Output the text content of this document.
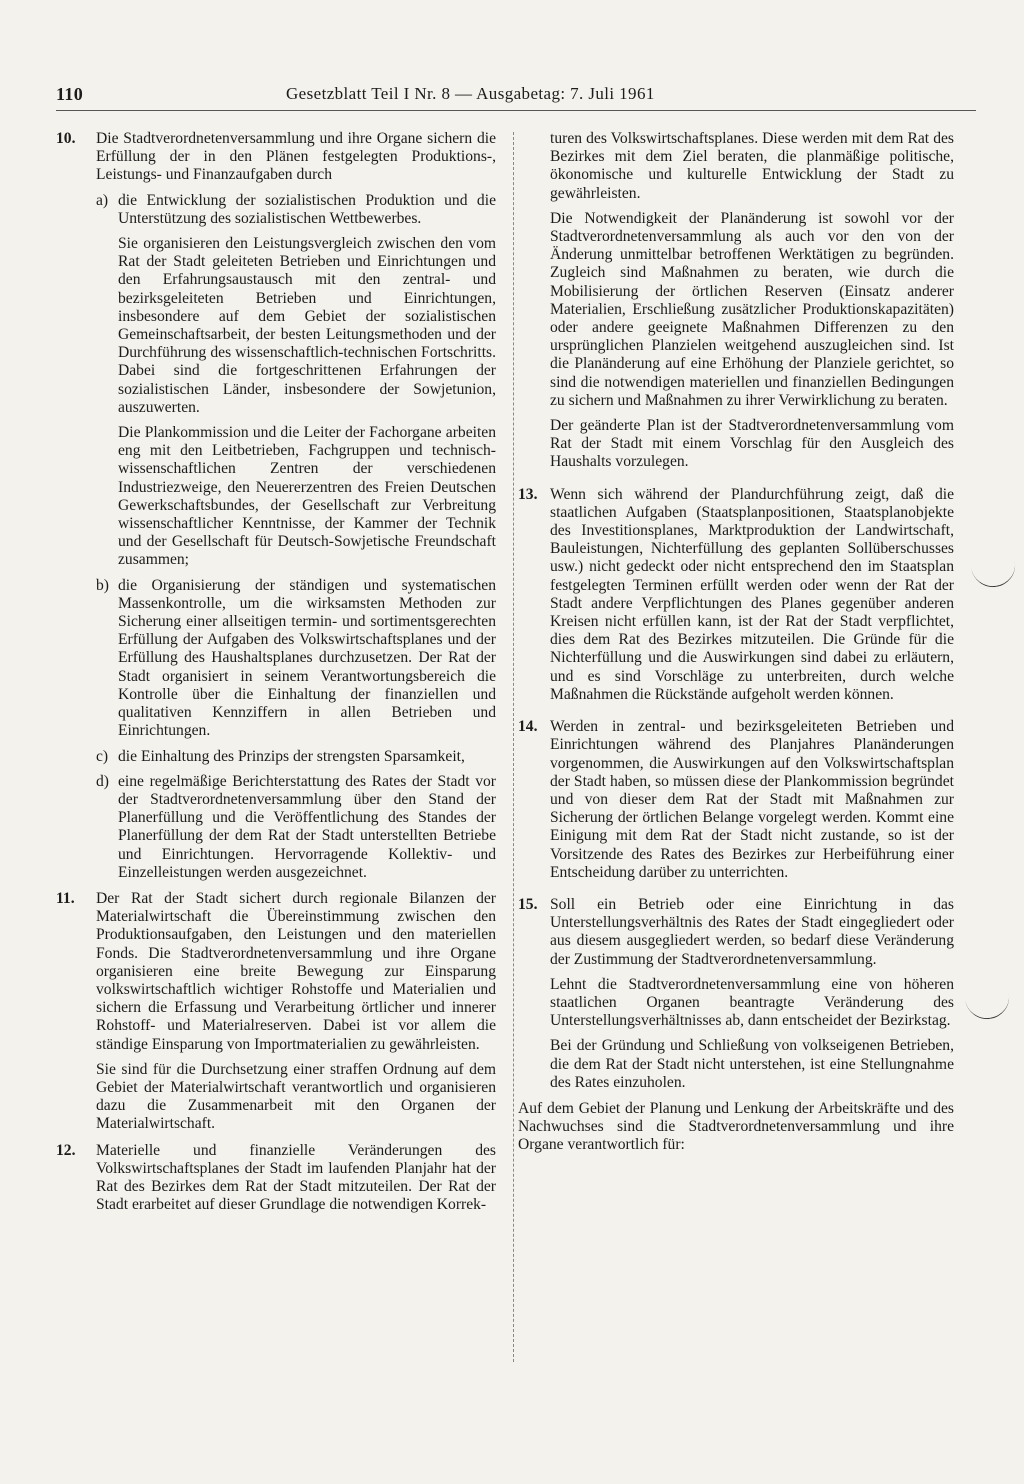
110	Gesetzblatt Teil I Nr. 8 — Ausgabetag: 7. Juli 1961
10. Die Stadtverordnetenversammlung und ihre Organe sichern die Erfüllung der in den Plänen festgelegten Produktions-, Leistungs- und Finanzaufgaben durch

a) die Entwicklung der sozialistischen Produktion und die Unterstützung des sozialistischen Wettbewerbes.

Sie organisieren den Leistungsvergleich zwischen den vom Rat der Stadt geleiteten Betrieben und Einrichtungen und den Erfahrungsaustausch mit den zentral- und bezirksgeleiteten Betrieben und Einrichtungen, insbesondere auf dem Gebiet der sozialistischen Gemeinschaftsarbeit, der besten Leitungsmethoden und der Durchführung des wissenschaftlich-technischen Fortschritts. Dabei sind die fortgeschrittenen Erfahrungen der sozialistischen Länder, insbesondere der Sowjetunion, auszuwerten.

Die Plankommission und die Leiter der Fachorgane arbeiten eng mit den Leitbetrieben, Fachgruppen und technisch-wissenschaftlichen Zentren der verschiedenen Industriezweige, den Neuererzentren des Freien Deutschen Gewerkschaftsbundes, der Gesellschaft zur Verbreitung wissenschaftlicher Kenntnisse, der Kammer der Technik und der Gesellschaft für Deutsch-Sowjetische Freundschaft zusammen;

b) die Organisierung der ständigen und systematischen Massenkontrolle, um die wirksamsten Methoden zur Sicherung einer allseitigen termin- und sortimentsgerechten Erfüllung der Aufgaben des Volkswirtschaftsplanes und der Erfüllung des Haushaltsplanes durchzusetzen. Der Rat der Stadt organisiert in seinem Verantwortungsbereich die Kontrolle über die Einhaltung der finanziellen und qualitativen Kennziffern in allen Betrieben und Einrichtungen.

c) die Einhaltung des Prinzips der strengsten Sparsamkeit,

d) eine regelmäßige Berichterstattung des Rates der Stadt vor der Stadtverordnetenversammlung über den Stand der Planerfüllung und die Veröffentlichung des Standes der Planerfüllung der dem Rat der Stadt unterstellten Betriebe und Einrichtungen. Hervorragende Kollektiv- und Einzelleistungen werden ausgezeichnet.

11. Der Rat der Stadt sichert durch regionale Bilanzen der Materialwirtschaft die Übereinstimmung zwischen den Produktionsaufgaben, den Leistungen und den materiellen Fonds. Die Stadtverordnetenversammlung und ihre Organe organisieren eine breite Bewegung zur Einsparung volkswirtschaftlich wichtiger Rohstoffe und Materialien und sichern die Erfassung und Verarbeitung örtlicher und innerer Rohstoff- und Materialreserven. Dabei ist vor allem die ständige Einsparung von Importmaterialien zu gewährleisten.

Sie sind für die Durchsetzung einer straffen Ordnung auf dem Gebiet der Materialwirtschaft verantwortlich und organisieren dazu die Zusammenarbeit mit den Organen der Materialwirtschaft.

12. Materielle und finanzielle Veränderungen des Volkswirtschaftsplanes der Stadt im laufenden Planjahr hat der Rat des Bezirkes dem Rat der Stadt mitzuteilen. Der Rat der Stadt erarbeitet auf dieser Grundlage die notwendigen Korrek-

turen des Volkswirtschaftsplanes. Diese werden mit dem Rat des Bezirkes mit dem Ziel beraten, die planmäßige politische, ökonomische und kulturelle Entwicklung der Stadt zu gewährleisten.

Die Notwendigkeit der Planänderung ist sowohl vor der Stadtverordnetenversammlung als auch vor den von der Änderung unmittelbar betroffenen Werktätigen zu begründen. Zugleich sind Maßnahmen zu beraten, wie durch die Mobilisierung der örtlichen Reserven (Einsatz anderer Materialien, Erschließung zusätzlicher Produktionskapazitäten) oder andere geeignete Maßnahmen Differenzen zu den ursprünglichen Planzielen weitgehend auszugleichen sind. Ist die Planänderung auf eine Erhöhung der Planziele gerichtet, so sind die notwendigen materiellen und finanziellen Bedingungen zu sichern und Maßnahmen zu ihrer Verwirklichung zu beraten.

Der geänderte Plan ist der Stadtverordnetenversammlung vom Rat der Stadt mit einem Vorschlag für den Ausgleich des Haushalts vorzulegen.

13. Wenn sich während der Plandurchführung zeigt, daß die staatlichen Aufgaben (Staatsplanpositionen, Staatsplanobjekte des Investitionsplanes, Marktproduktion der Landwirtschaft, Bauleistungen, Nichterfüllung des geplanten Sollüberschusses usw.) nicht gedeckt oder nicht entsprechend den im Staatsplan festgelegten Terminen erfüllt werden oder wenn der Rat der Stadt andere Verpflichtungen des Planes gegenüber anderen Kreisen nicht erfüllen kann, ist der Rat der Stadt verpflichtet, dies dem Rat des Bezirkes mitzuteilen. Die Gründe für die Nichterfüllung und die Auswirkungen sind dabei zu erläutern, und es sind Vorschläge zu unterbreiten, durch welche Maßnahmen die Rückstände aufgeholt werden können.

14. Werden in zentral- und bezirksgeleiteten Betrieben und Einrichtungen während des Planjahres Planänderungen vorgenommen, die Auswirkungen auf den Volkswirtschaftsplan der Stadt haben, so müssen diese der Plankommission begründet und von dieser dem Rat der Stadt mit Maßnahmen zur Sicherung der örtlichen Belange vorgelegt werden. Kommt eine Einigung mit dem Rat der Stadt nicht zustande, so ist der Vorsitzende des Rates des Bezirkes zur Herbeiführung einer Entscheidung darüber zu unterrichten.

15. Soll ein Betrieb oder eine Einrichtung in das Unterstellungsverhältnis des Rates der Stadt eingegliedert oder aus diesem ausgegliedert werden, so bedarf diese Veränderung der Zustimmung der Stadtverordnetenversammlung.

Lehnt die Stadtverordnetenversammlung eine von höheren staatlichen Organen beantragte Veränderung des Unterstellungsverhältnisses ab, dann entscheidet der Bezirkstag.

Bei der Gründung und Schließung von volkseigenen Betrieben, die dem Rat der Stadt nicht unterstehen, ist eine Stellungnahme des Rates einzuholen.

Auf dem Gebiet der Planung und Lenkung der Arbeitskräfte und des Nachwuchses sind die Stadtverordnetenversammlung und ihre Organe verantwortlich für:
